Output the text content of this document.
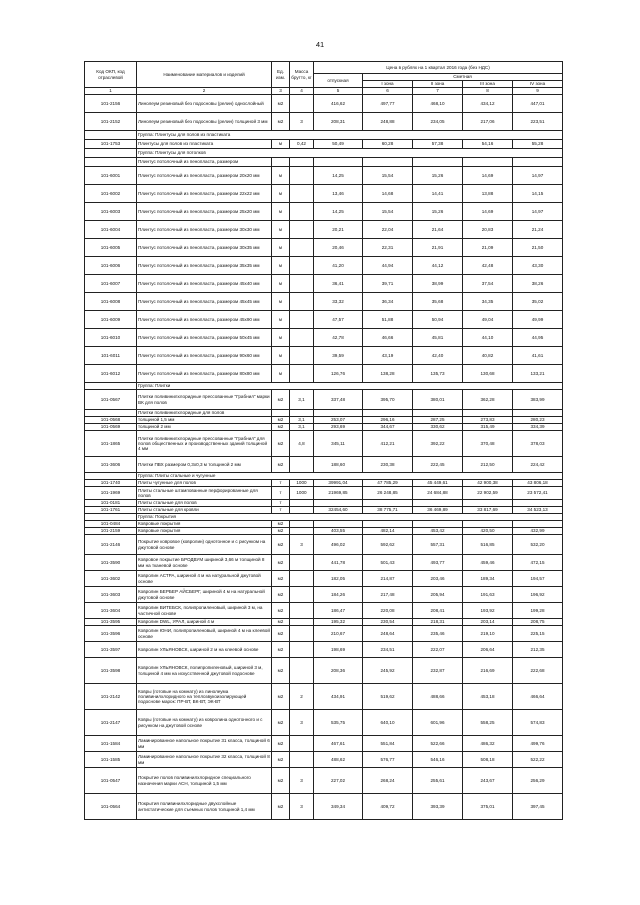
41
Код ОКП, код отраслевой	Наименование материалов и изделий	Ед. изм.	Масса брутто, кг	Цена в рублях на 1 квартал 2016 года (без НДС)				
				отпускная	Сметная			
					I зона	II зона	III зона	IV зона
1	2	3	4	5	6	7	8	9
101-2156	Линолеум резиновый без подосновы (релин) однослойный	м2		416,62	497,77	468,10	434,12	447,01
101-2152	Линолеум резиновый без подосновы (релин) толщиной 3 мм	м2	3	208,31	248,88	234,05	217,06	223,51
	Группа: Плинтусы для полов из пластиката							
101-1753	Плинтусы для полов из пластиката	м	0,42	50,49	60,28	57,38	54,16	55,28
	Группа: Плинтусы для потолков							
	Плинтус потолочный из пенопласта, размером							
101-6001	Плинтус потолочный из пенопласта, размером 20х20 мм	м		14,25	15,54	15,26	14,69	14,97
101-6002	Плинтус потолочный из пенопласта, размером 22х22 мм	м		13,46	14,68	14,41	13,88	14,15
101-6003	Плинтус потолочный из пенопласта, размером 25х20 мм	м		14,25	15,54	15,26	14,69	14,97
101-6004	Плинтус потолочный из пенопласта, размером 30х30 мм	м		20,21	22,04	21,64	20,83	21,24
101-6005	Плинтус потолочный из пенопласта, размером 30х35 мм	м		20,46	22,31	21,91	21,09	21,50
101-6006	Плинтус потолочный из пенопласта, размером 35х35 мм	м		41,20	44,94	44,12	42,48	43,30
101-6007	Плинтус потолочный из пенопласта, размером 45х40 мм	м		36,41	39,71	38,99	37,54	38,26
101-6008	Плинтус потолочный из пенопласта, размером 45х45 мм	м		33,32	36,34	35,68	34,35	35,02
101-6009	Плинтус потолочный из пенопласта, размером 45х90 мм	м		47,57	51,88	50,94	49,04	49,99
101-6010	Плинтус потолочный из пенопласта, размером 50х45 мм	м		42,78	46,66	45,81	44,10	44,95
101-6011	Плинтус потолочный из пенопласта, размером 90х60 мм	м		39,59	43,19	42,40	40,82	41,61
101-6012	Плинтус потолочный из пенопласта, размером 80х80 мм	м		126,76	138,28	135,73	130,68	133,21
	Группа: Плитки							
101-0567	Плитки поливинилхлоридные прессованные "Грабнил" марки ВК для полов	м2	3,1	337,48	395,70	380,01	362,28	383,99
	Плитки поливинилхлоридные для полов							
101-0568	толщиной 1,5 мм	м2	3,1	253,07	296,16	287,25	273,83	280,23
101-0569	толщиной 2 мм	м2	3,1	293,69	344,67	330,62	315,49	334,39
101-1865	Плитки поливинилхлоридные прессованные "Грабнил" для полов общественных и производственных зданий толщиной 4 мм	м2	4,8	345,11	412,21	392,22	370,48	378,03
101-3606	Плитки ПВХ размером 0,3х0,3 м толщиной 2 мм	м2		188,60	230,38	222,45	212,50	224,42
	Группа: Плиты стальные и чугунные							
101-1740	Плиты чугунные для полов	т	1000	39991,04	47 785,29	45 449,61	42 900,38	43 806,18
101-1969	Плиты стальные штампованные перфорированные для полов	т	1000	21969,85	26 248,85	24 684,88	22 902,59	23 572,41
101-0181	Плиты стальные для полов	т						
101-1761	Плиты стальные для кровли	т		32454,60	38 775,71	36 469,89	33 817,69	34 523,13
	Группа: Покрытия							
101-0484	Ковровые покрытия	м2						
101-2159	Ковровые покрытия	м2		403,55	482,14	453,42	420,50	432,99
101-2146	Покрытие ковровое (ковролин) однотонное и с рисунком на джутовой основе	м2	3	496,02	592,62	557,31	516,85	532,20
101-3590	Ковровое покрытие БРОДВУМ шириной 3,66 м толщиной 8 мм на тканевой основе	м2		441,78	501,43	493,77	459,46	472,15
101-3602	Ковролин АСТРА, шириной 4 м на натуральной джутовой основе	м2		182,05	214,87	203,46	189,34	194,57
101-3603	Ковролин БЕРБЕР АЙСБЕРГ, шириной 4 м на натуральной джутовой основе	м2		184,26	217,48	205,94	191,63	196,92
101-3604	Ковролин ВИТЕБСК, полипропиленовый, шириной 3 м, на частичной основе	м2		186,47	220,08	208,41	193,92	199,28
101-3595	Ковролин DWL, УРАЛ, шириной 4 м	м2		195,32	230,54	218,31	203,14	208,75
101-3596	Ковролин ЮНИ, полипропиленовый, шириной 4 м на клеевой основе	м2		210,67	248,64	235,46	219,10	225,15
101-3597	Ковролин УЛЬЯНОВСК, шириной 2 м на клеевой основе	м2		198,69	234,51	222,07	206,64	212,35
101-3598	Ковролин УЛЬЯНОВСК, полипропиленовый, шириной 3 м, толщиной 4 мм на искусственной джутовой подоснове	м2		208,36	245,92	232,87	216,69	222,68
101-2142	Ковры (готовые на комнату) из линолеума поливинилхлоридного на теплозвукоизолирующей подоснове марок: ПР-ВТ, ВК-ВТ, ЭК-ВТ	м2	2	434,91	519,62	488,66	453,18	466,64
101-2147	Ковры (готовые на комнату) из ковролина однотонного и с рисунком на джутовой основе	м2	3	535,75	640,10	601,96	558,25	574,83
101-1584	Ламинированное напольное покрытие 31 класса, толщиной 6 мм	м2		467,61	551,84	522,66	486,32	499,76
101-1585	Ламинированное напольное покрытие 32 класса, толщиной 8 мм	м2		488,62	576,77	546,16	508,18	522,22
101-0547	Покрытие полов поливинилхлоридное специального назначения марки АСН, толщиной 1,5 мм	м2	3	227,02	268,24	255,61	243,67	256,29
101-0564	Покрытия поливинилхлоридные двухслойные антистатические для съемных полов толщиной 1,4 мм	м2	3	349,34	409,72	393,39	375,01	397,45
